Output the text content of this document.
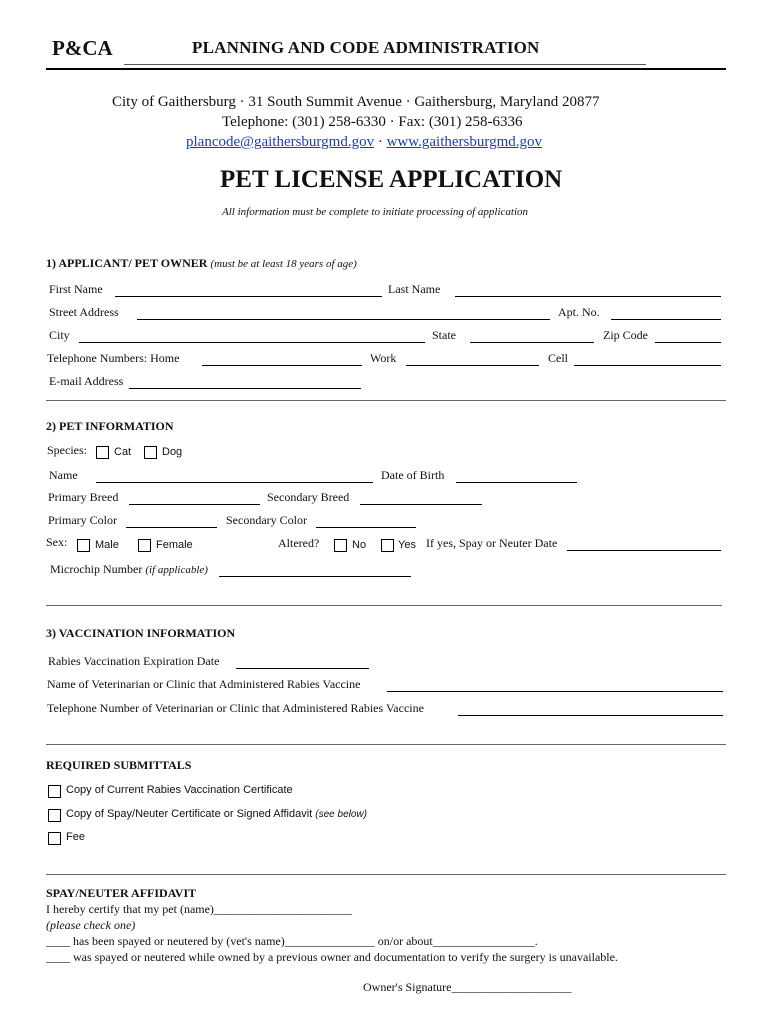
P&CA	PLANNING AND CODE ADMINISTRATION
City of Gaithersburg · 31 South Summit Avenue · Gaithersburg, Maryland 20877
Telephone: (301) 258-6330 · Fax: (301) 258-6336
plancode@gaithersburgmd.gov · www.gaithersburgmd.gov
PET LICENSE APPLICATION
All information must be complete to initiate processing of application
1) APPLICANT/ PET OWNER (must be at least 18 years of age)
First Name	Last Name
Street Address	Apt. No.
City	State	Zip Code
Telephone Numbers: Home	Work	Cell
E-mail Address
2) PET INFORMATION
Species: Cat	Dog
Name	Date of Birth
Primary Breed	Secondary Breed
Primary Color	Secondary Color
Sex:	Male	Female	Altered?	No	Yes If yes, Spay or Neuter Date
Microchip Number (if applicable)
3) VACCINATION INFORMATION
Rabies Vaccination Expiration Date
Name of Veterinarian or Clinic that Administered Rabies Vaccine
Telephone Number of Veterinarian or Clinic that Administered Rabies Vaccine
REQUIRED SUBMITTALS
Copy of Current Rabies Vaccination Certificate
Copy of Spay/Neuter Certificate or Signed Affidavit (see below)
Fee
SPAY/NEUTER AFFIDAVIT
I hereby certify that my pet (name)_______________________
(please check one)
____ has been spayed or neutered by (vet's name)_______________ on/or about_________________.
____ was spayed or neutered while owned by a previous owner and documentation to verify the surgery is unavailable.
Owner's Signature____________________
